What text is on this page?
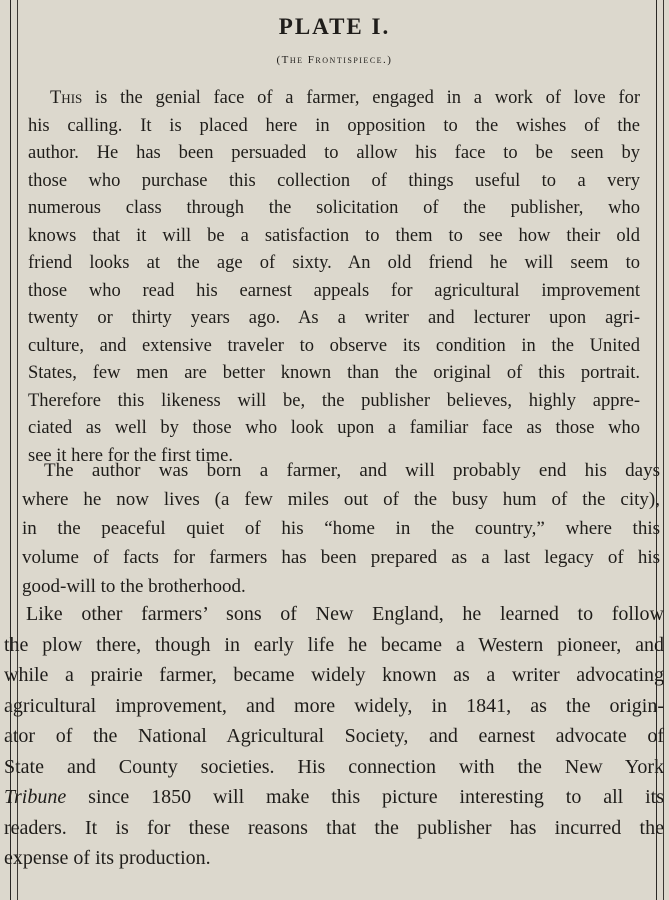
PLATE I.
(The Frontispiece.)

This is the genial face of a farmer, engaged in a work of love for
his calling. It is placed here in opposition to the wishes of the
author. He has been persuaded to allow his face to be seen by
those who purchase this collection of things useful to a very
numerous class through the solicitation of the publisher, who
knows that it will be a satisfaction to them to see how their old
friend looks at the age of sixty. An old friend he will seem to
those who read his earnest appeals for agricultural improvement
twenty or thirty years ago. As a writer and lecturer upon agri-
culture, and extensive traveler to observe its condition in the United
States, few men are better known than the original of this portrait.
Therefore this likeness will be, the publisher believes, highly appre-
ciated as well by those who look upon a familiar face as those who
see it here for the first time.

The author was born a farmer, and will probably end his days
where he now lives (a few miles out of the busy hum of the city),
in the peaceful quiet of his “home in the country,” where this
volume of facts for farmers has been prepared as a last legacy of his
good-will to the brotherhood.

Like other farmers’ sons of New England, he learned to follow
the plow there, though in early life he became a Western pioneer, and
while a prairie farmer, became widely known as a writer advocating
agricultural improvement, and more widely, in 1841, as the origin-
ator of the National Agricultural Society, and earnest advocate of
State and County societies. His connection with the New York
Tribune since 1850 will make this picture interesting to all its
readers. It is for these reasons that the publisher has incurred the
expense of its production.
